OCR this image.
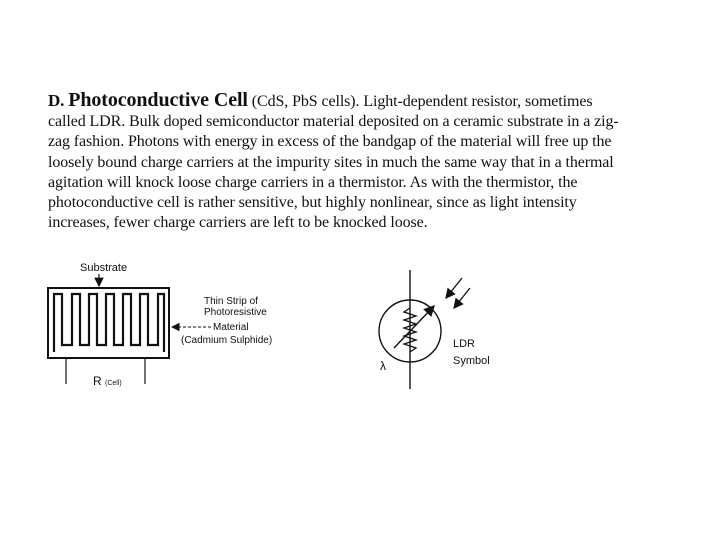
D. Photoconductive Cell (CdS, PbS cells). Light-dependent resistor, sometimes
called LDR. Bulk doped semiconductor material deposited on a ceramic substrate in a zig-
zag fashion. Photons with energy in excess of the bandgap of the material will free up the
loosely bound charge carriers at the impurity sites in much the same way that in a thermal
agitation will knock loose charge carriers in a thermistor. As with the thermistor, the
photoconductive cell is rather sensitive, but highly nonlinear, since as light intensity
increases, fewer charge carriers are left to be knocked loose.
Substrate
R (Cell)
Thin Strip of
Photoresistive
Material
(Cadmium Sulphide)	LDR
Symbol
λ
